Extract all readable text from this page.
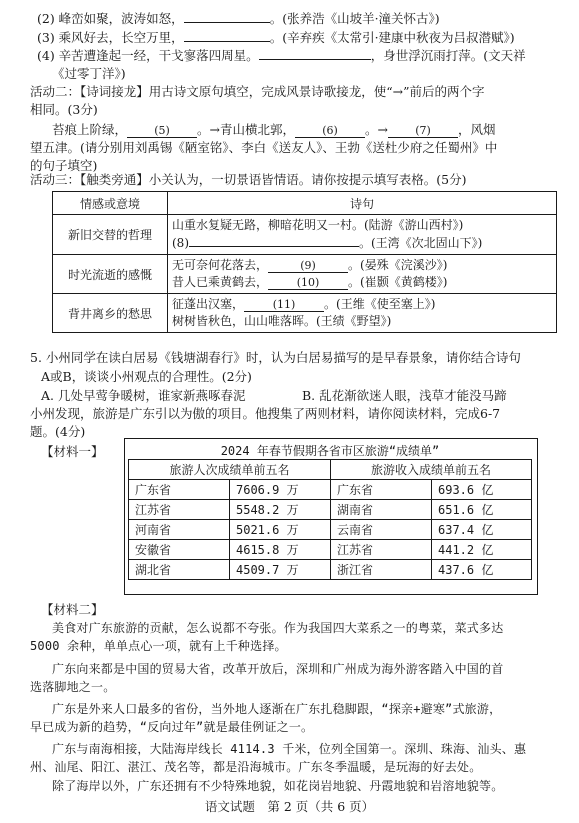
(2) 峰峦如聚，波涛如怒，	。(张养浩《山坡羊·潼关怀古》)
(3) 乘风好去，长空万里，	。(辛弃疾《太常引·建康中秋夜为吕叔潜赋》)
(4) 辛苦遭逢起一经，干戈寥落四周星。	，身世浮沉雨打萍。(文天祥
《过零丁洋》)
活动二：【诗词接龙】用古诗文原句填空，完成风景诗歌接龙，使“→”前后的两个字
相同。(3分)
苔痕上阶绿， (5) 。→青山横北郭， (6) 。→ (7) ，风烟
望五津。(请分别用刘禹锡《陋室铭》、李白《送友人》、王勃《送杜少府之任蜀州》中
的句子填空)
活动三：【触类旁通】小关认为，一切景语皆情语。请你按提示填写表格。(5分)
情感或意境	诗句
新旧交替的哲理	山重水复疑无路，柳暗花明又一村。(陆游《游山西村》)
(8) 。(王湾《次北固山下》)

时光流逝的感慨	无可奈何花落去， (9) 。(晏殊《浣溪沙》)
昔人已乘黄鹤去， (10) 。(崔颢《黄鹤楼》)

背井离乡的愁思	征蓬出汉塞， (11) 。(王维《使至塞上》)
树树皆秋色，山山唯落晖。(王绩《野望》)
5. 小州同学在读白居易《钱塘湖春行》时，认为白居易描写的是早春景象，请你结合诗句
A或B，谈谈小州观点的合理性。(2分)
A. 几处早莺争暖树，谁家新燕啄春泥	B. 乱花渐欲迷人眼，浅草才能没马蹄
小州发现，旅游是广东引以为傲的项目。他搜集了两则材料，请你阅读材料，完成6-7
题。(4分)
【材料一】	2024 年春节假期各省市区旅游“成绩单”
旅游人次成绩单前五名		旅游收入成绩单前五名	
广东省	7606.9 万	广东省	693.6 亿
江苏省	5548.2 万	湖南省	651.6 亿
河南省	5021.6 万	云南省	637.4 亿
安徽省	4615.8 万	江苏省	441.2 亿
湖北省	4509.7 万	浙江省	437.6 亿
【材料二】
美食对广东旅游的贡献，怎么说都不夸张。作为我国四大菜系之一的粤菜，菜式多达
5000 余种，单单点心一项，就有上千种选择。
广东向来都是中国的贸易大省，改革开放后，深圳和广州成为海外游客踏入中国的首
选落脚地之一。
广东是外来人口最多的省份，当外地人逐渐在广东扎稳脚跟，“探亲+避寒”式旅游，
早已成为新的趋势，“反向过年”就是最佳例证之一。
广东与南海相接，大陆海岸线长 4114.3 千米，位列全国第一。深圳、珠海、汕头、惠
州、汕尾、阳江、湛江、茂名等，都是沿海城市。广东冬季温暖，是玩海的好去处。
除了海岸以外，广东还拥有不少特殊地貌，如花岗岩地貌、丹霞地貌和岩溶地貌等。
语文试题　第 2 页（共 6 页）
